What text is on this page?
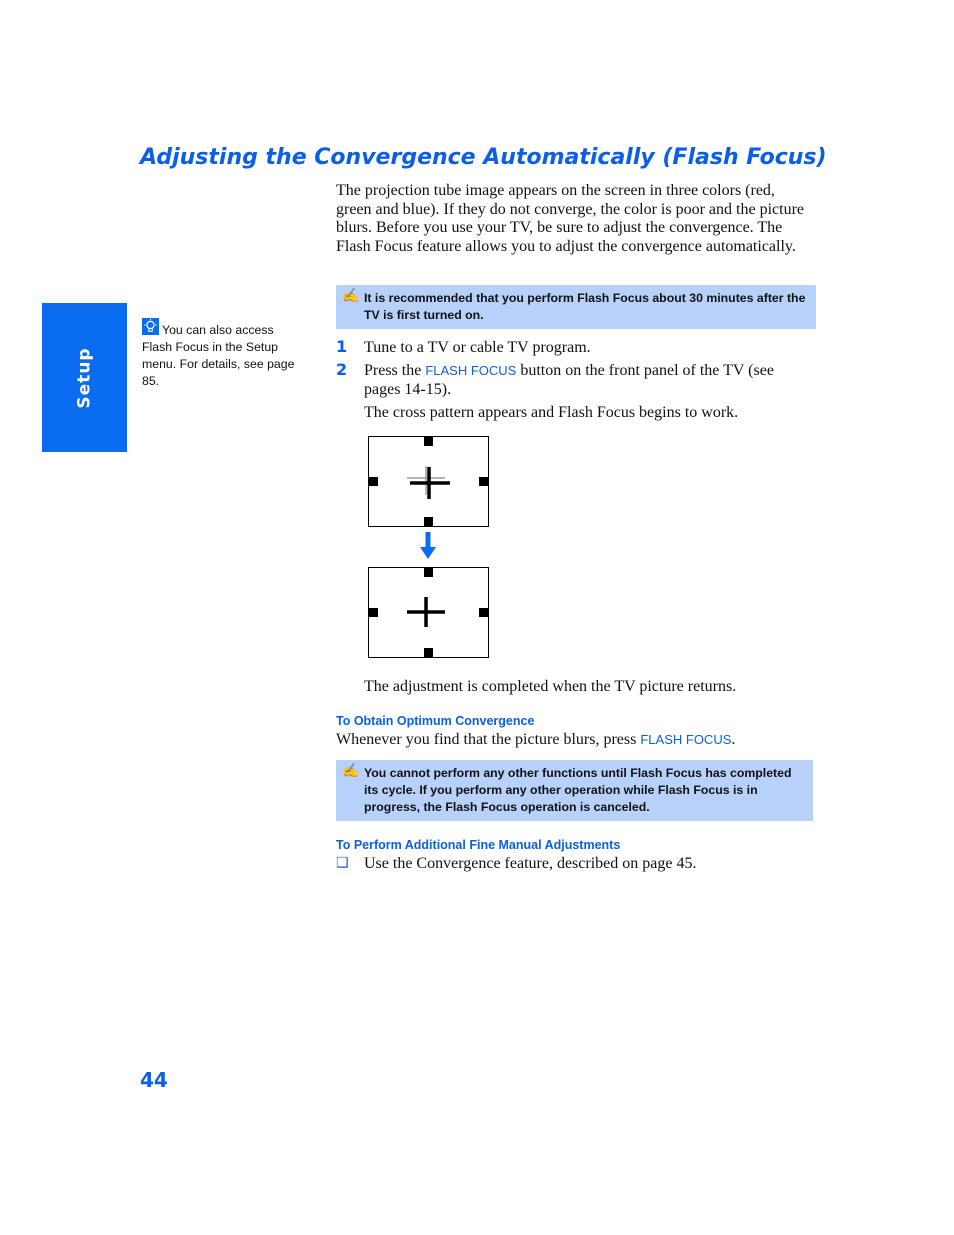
Setup
Adjusting the Convergence Automatically (Flash Focus)
The projection tube image appears on the screen in three colors (red, green and blue). If they do not converge, the color is poor and the picture blurs. Before you use your TV, be sure to adjust the convergence. The Flash Focus feature allows you to adjust the convergence automatically.
✍ It is recommended that you perform Flash Focus about 30 minutes after the TV is first turned on.
You can also access Flash Focus in the Setup menu. For details, see page 85.
1 Tune to a TV or cable TV program.
2 Press the FLASH FOCUS button on the front panel of the TV (see pages 14-15).
The cross pattern appears and Flash Focus begins to work.
The adjustment is completed when the TV picture returns.
To Obtain Optimum Convergence
Whenever you find that the picture blurs, press FLASH FOCUS.
✍ You cannot perform any other functions until Flash Focus has completed its cycle. If you perform any other operation while Flash Focus is in progress, the Flash Focus operation is canceled.
To Perform Additional Fine Manual Adjustments
❑ Use the Convergence feature, described on page 45.
44
